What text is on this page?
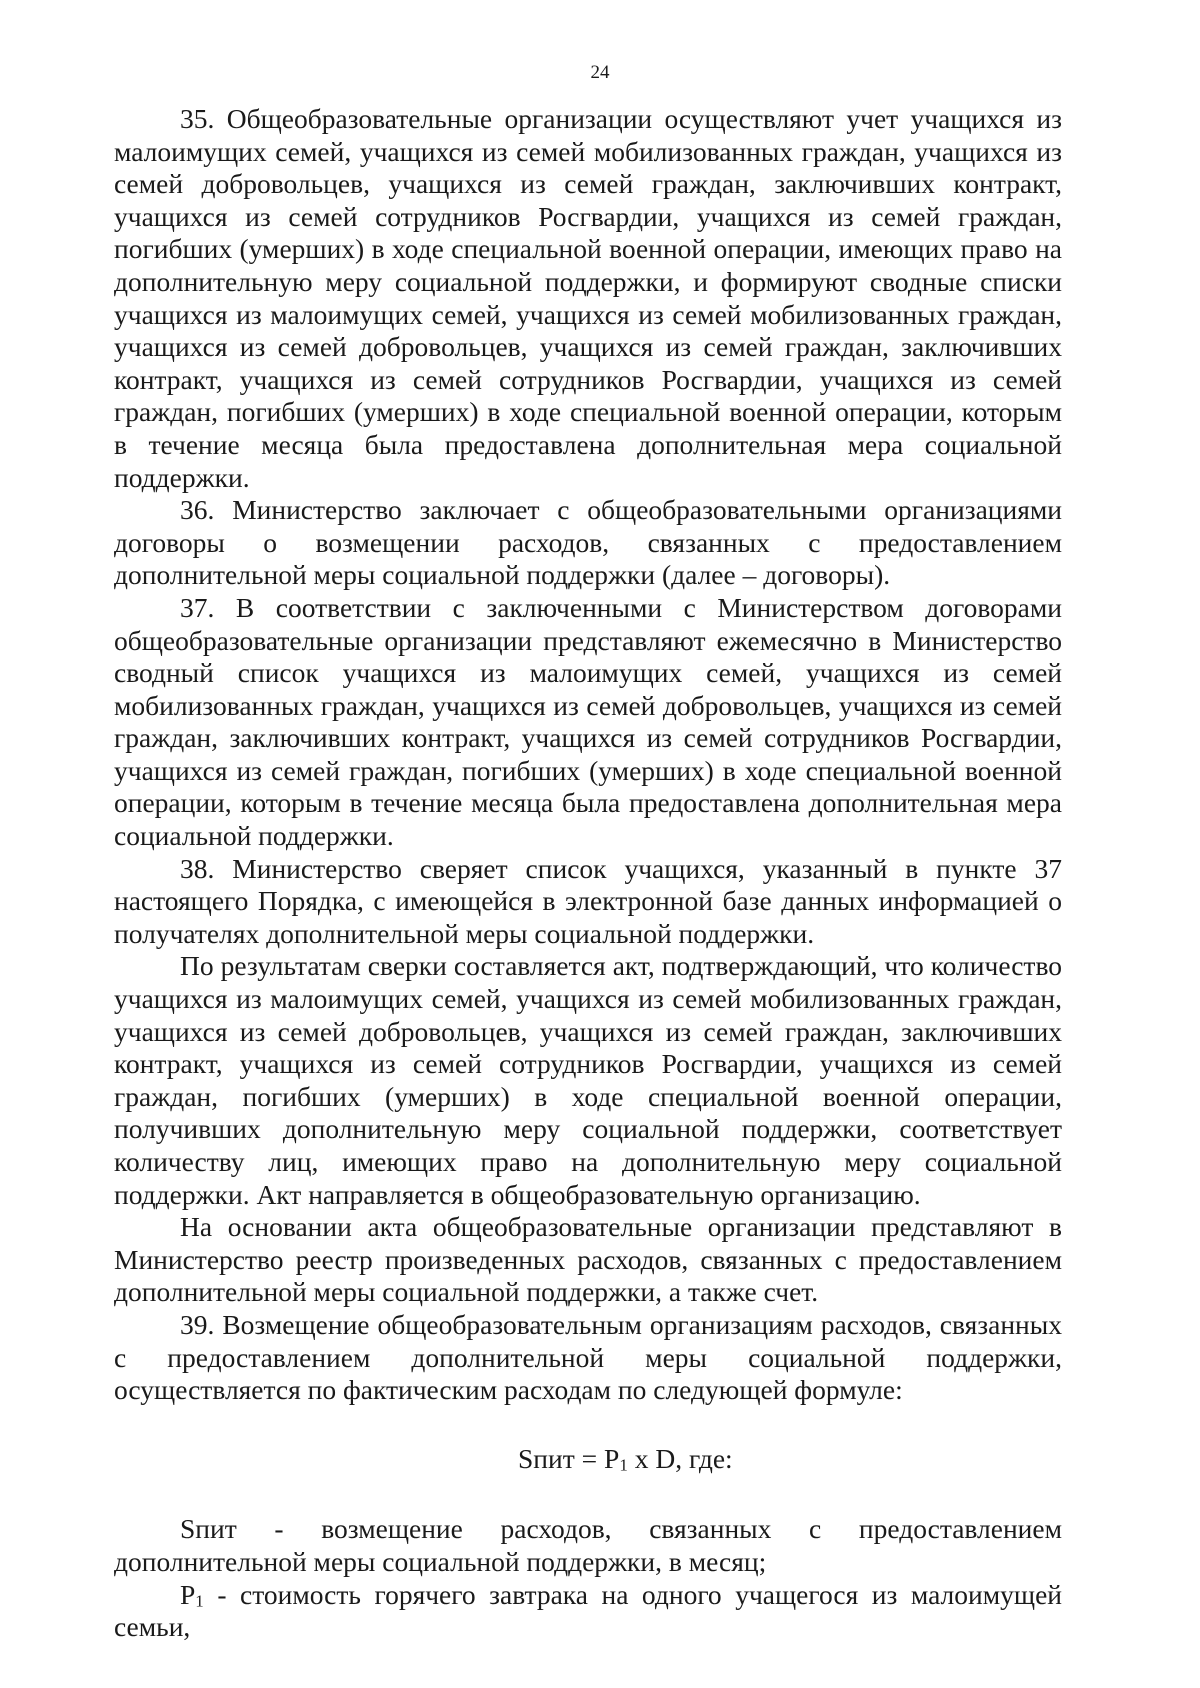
24

35. Общеобразовательные организации осуществляют учет учащихся из малоимущих семей, учащихся из семей мобилизованных граждан, учащихся из семей добровольцев, учащихся из семей граждан, заключивших контракт, учащихся из семей сотрудников Росгвардии, учащихся из семей граждан, погибших (умерших) в ходе специальной военной операции, имеющих право на дополнительную меру социальной поддержки, и формируют сводные списки учащихся из малоимущих семей, учащихся из семей мобилизованных граждан, учащихся из семей добровольцев, учащихся из семей граждан, заключивших контракт, учащихся из семей сотрудников Росгвардии, учащихся из семей граждан, погибших (умерших) в ходе специальной военной операции, которым в течение месяца была предоставлена дополнительная мера социальной поддержки.

36. Министерство заключает с общеобразовательными организациями договоры о возмещении расходов, связанных с предоставлением дополнительной меры социальной поддержки (далее – договоры).

37. В соответствии с заключенными с Министерством договорами общеобразовательные организации представляют ежемесячно в Министерство сводный список учащихся из малоимущих семей, учащихся из семей мобилизованных граждан, учащихся из семей добровольцев, учащихся из семей граждан, заключивших контракт, учащихся из семей сотрудников Росгвардии, учащихся из семей граждан, погибших (умерших) в ходе специальной военной операции, которым в течение месяца была предоставлена дополнительная мера социальной поддержки.

38. Министерство сверяет список учащихся, указанный в пункте 37 настоящего Порядка, с имеющейся в электронной базе данных информацией о получателях дополнительной меры социальной поддержки.

По результатам сверки составляется акт, подтверждающий, что количество учащихся из малоимущих семей, учащихся из семей мобилизованных граждан, учащихся из семей добровольцев, учащихся из семей граждан, заключивших контракт, учащихся из семей сотрудников Росгвардии, учащихся из семей граждан, погибших (умерших) в ходе специальной военной операции, получивших дополнительную меру социальной поддержки, соответствует количеству лиц, имеющих право на дополнительную меру социальной поддержки. Акт направляется в общеобразовательную организацию.

На основании акта общеобразовательные организации представляют в Министерство реестр произведенных расходов, связанных с предоставлением дополнительной меры социальной поддержки, а также счет.

39. Возмещение общеобразовательным организациям расходов, связанных с предоставлением дополнительной меры социальной поддержки, осуществляется по фактическим расходам по следующей формуле:

Sпит = $P_1$ x D, где:

Sпит - возмещение расходов, связанных с предоставлением дополнительной меры социальной поддержки, в месяц;

$P_1$ - стоимость горячего завтрака на одного учащегося из малоимущей семьи,
